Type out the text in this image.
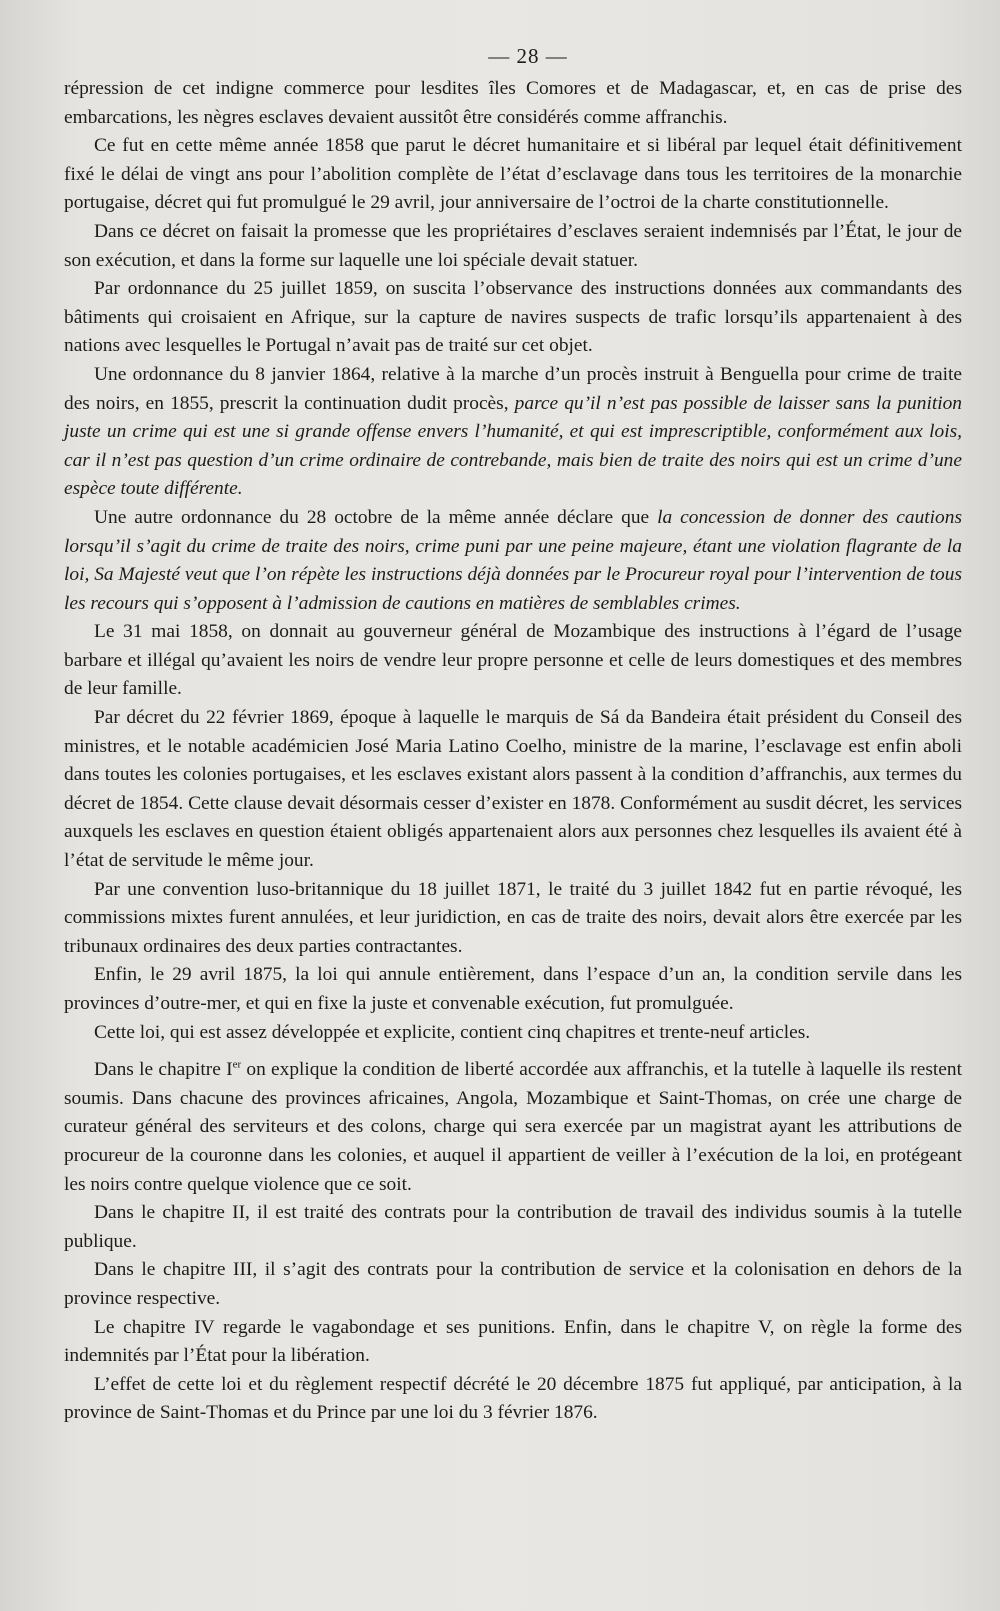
— 28 —

répression de cet indigne commerce pour lesdites îles Comores et de Madagascar, et, en cas de prise des embarcations, les nègres esclaves devaient aussitôt être considérés comme affranchis.

Ce fut en cette même année 1858 que parut le décret humanitaire et si libéral par lequel était définitivement fixé le délai de vingt ans pour l’abolition complète de l’état d’esclavage dans tous les territoires de la monarchie portugaise, décret qui fut promulgué le 29 avril, jour anniversaire de l’octroi de la charte constitutionnelle.

Dans ce décret on faisait la promesse que les propriétaires d’esclaves seraient indemnisés par l’État, le jour de son exécution, et dans la forme sur laquelle une loi spéciale devait statuer.

Par ordonnance du 25 juillet 1859, on suscita l’observance des instructions données aux commandants des bâtiments qui croisaient en Afrique, sur la capture de navires suspects de trafic lorsqu’ils appartenaient à des nations avec lesquelles le Portugal n’avait pas de traité sur cet objet.

Une ordonnance du 8 janvier 1864, relative à la marche d’un procès instruit à Benguella pour crime de traite des noirs, en 1855, prescrit la continuation dudit procès, parce qu’il n’est pas possible de laisser sans la punition juste un crime qui est une si grande offense envers l’humanité, et qui est imprescriptible, conformément aux lois, car il n’est pas question d’un crime ordinaire de contrebande, mais bien de traite des noirs qui est un crime d’une espèce toute différente.

Une autre ordonnance du 28 octobre de la même année déclare que la concession de donner des cautions lorsqu’il s’agit du crime de traite des noirs, crime puni par une peine majeure, étant une violation flagrante de la loi, Sa Majesté veut que l’on répète les instructions déjà données par le Procureur royal pour l’intervention de tous les recours qui s’opposent à l’admission de cautions en matières de semblables crimes.

Le 31 mai 1858, on donnait au gouverneur général de Mozambique des instructions à l’égard de l’usage barbare et illégal qu’avaient les noirs de vendre leur propre personne et celle de leurs domestiques et des membres de leur famille.

Par décret du 22 février 1869, époque à laquelle le marquis de Sá da Bandeira était président du Conseil des ministres, et le notable académicien José Maria Latino Coelho, ministre de la marine, l’esclavage est enfin aboli dans toutes les colonies portugaises, et les esclaves existant alors passent à la condition d’affranchis, aux termes du décret de 1854. Cette clause devait désormais cesser d’exister en 1878. Conformément au susdit décret, les services auxquels les esclaves en question étaient obligés appartenaient alors aux personnes chez lesquelles ils avaient été à l’état de servitude le même jour.

Par une convention luso-britannique du 18 juillet 1871, le traité du 3 juillet 1842 fut en partie révoqué, les commissions mixtes furent annulées, et leur juridiction, en cas de traite des noirs, devait alors être exercée par les tribunaux ordinaires des deux parties contractantes.

Enfin, le 29 avril 1875, la loi qui annule entièrement, dans l’espace d’un an, la condition servile dans les provinces d’outre-mer, et qui en fixe la juste et convenable exécution, fut promulguée.

Cette loi, qui est assez développée et explicite, contient cinq chapitres et trente-neuf articles.

Dans le chapitre Ier on explique la condition de liberté accordée aux affranchis, et la tutelle à laquelle ils restent soumis. Dans chacune des provinces africaines, Angola, Mozambique et Saint-Thomas, on crée une charge de curateur général des serviteurs et des colons, charge qui sera exercée par un magistrat ayant les attributions de procureur de la couronne dans les colonies, et auquel il appartient de veiller à l’exécution de la loi, en protégeant les noirs contre quelque violence que ce soit.

Dans le chapitre II, il est traité des contrats pour la contribution de travail des individus soumis à la tutelle publique.

Dans le chapitre III, il s’agit des contrats pour la contribution de service et la colonisation en dehors de la province respective.

Le chapitre IV regarde le vagabondage et ses punitions. Enfin, dans le chapitre V, on règle la forme des indemnités par l’État pour la libération.

L’effet de cette loi et du règlement respectif décrété le 20 décembre 1875 fut appliqué, par anticipation, à la province de Saint-Thomas et du Prince par une loi du 3 février 1876.
